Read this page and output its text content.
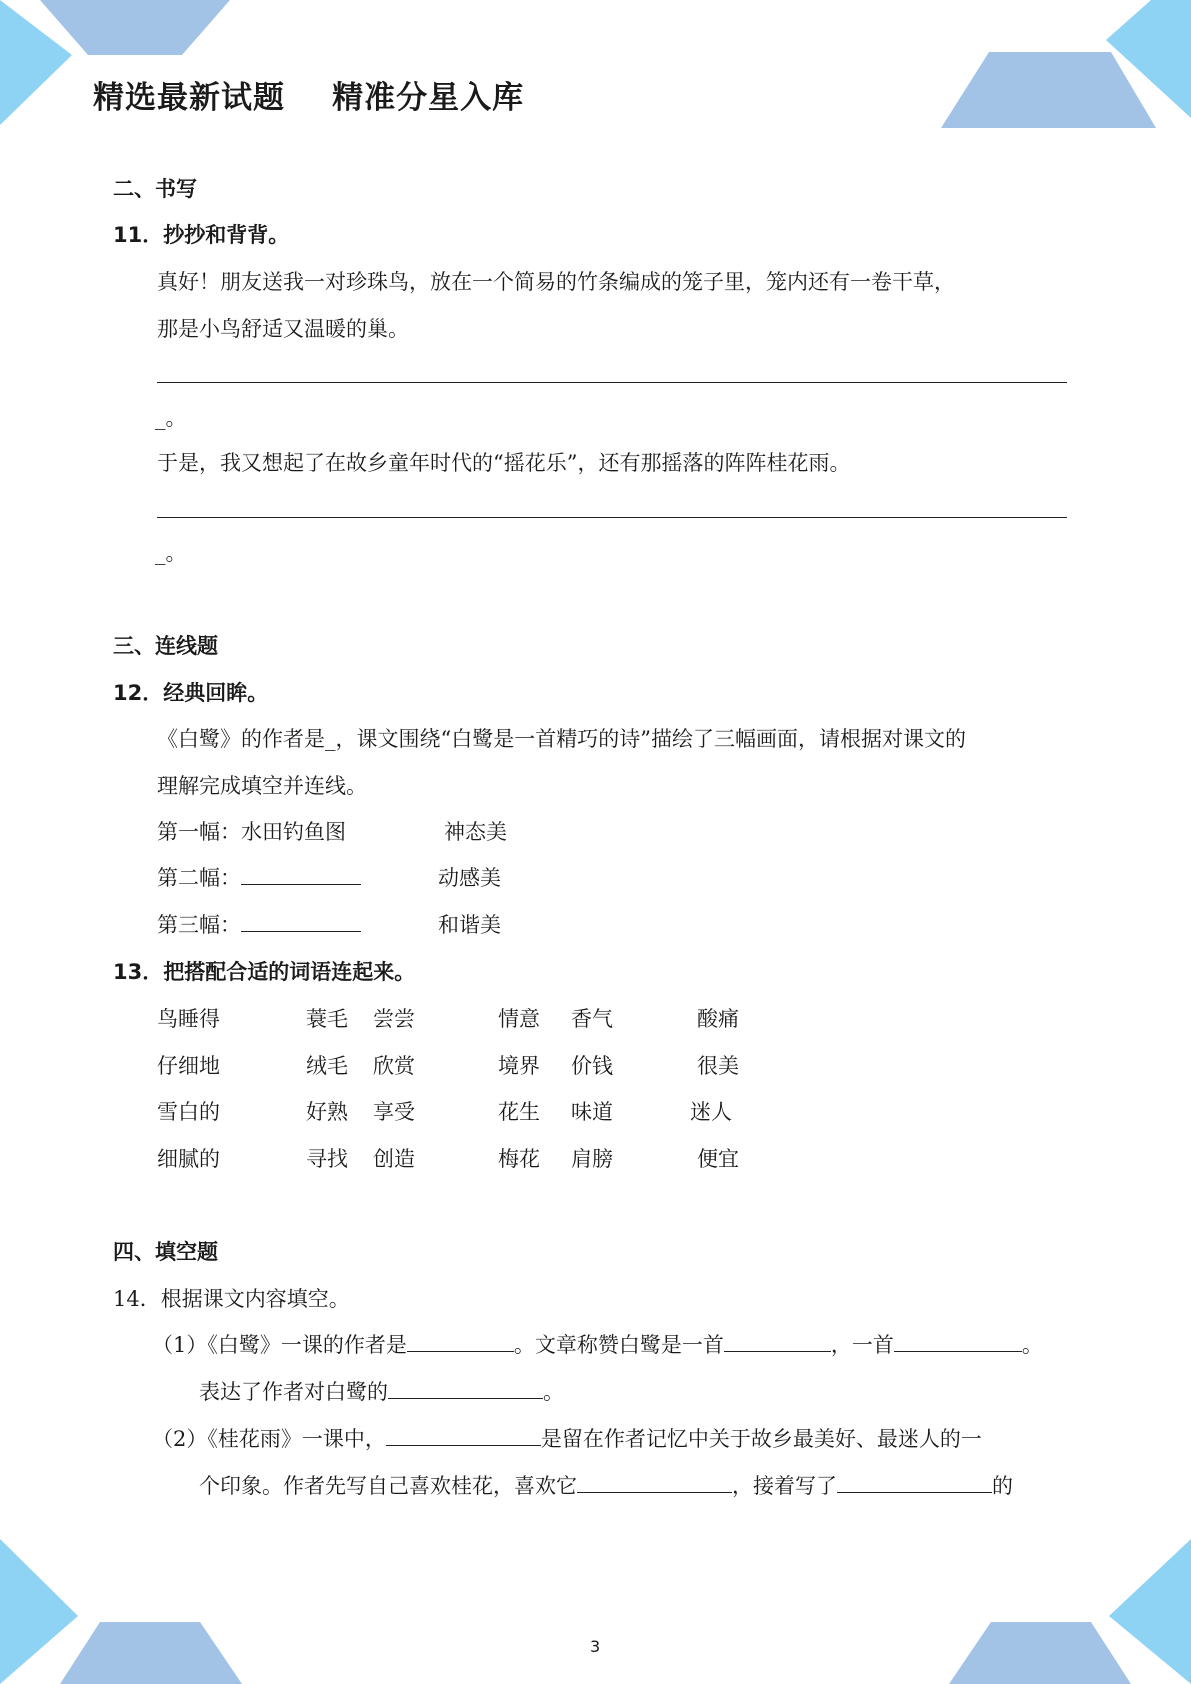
精选最新试题    精准分星入库
二、书写
11．抄抄和背背。
真好！朋友送我一对珍珠鸟，放在一个简易的竹条编成的笼子里，笼内还有一卷干草，
那是小鸟舒适又温暖的巢。
_。
于是，我又想起了在故乡童年时代的“摇花乐”，还有那摇落的阵阵桂花雨。
_。
三、连线题
12．经典回眸。
《白鹭》的作者是_，课文围绕“白鹭是一首精巧的诗”描绘了三幅画面，请根据对课文的
理解完成填空并连线。
第一幅：水田钓鱼图	神态美
第二幅：	动感美
第三幅：	和谐美
13．把搭配合适的词语连起来。
鸟睡得	蓑毛 尝尝	情意 香气	酸痛
仔细地	绒毛 欣赏	境界 价钱	很美
雪白的	好熟 享受	花生 味道	迷人
细腻的	寻找 创造	梅花 肩膀	便宜
四、填空题
14．根据课文内容填空。
（1）《白鹭》一课的作者是	。文章称赞白鹭是一首	，一首	。
表达了作者对白鹭的	。
（2）《桂花雨》一课中，	是留在作者记忆中关于故乡最美好、最迷人的一
个印象。作者先写自己喜欢桂花，喜欢它	，接着写了	的
3
